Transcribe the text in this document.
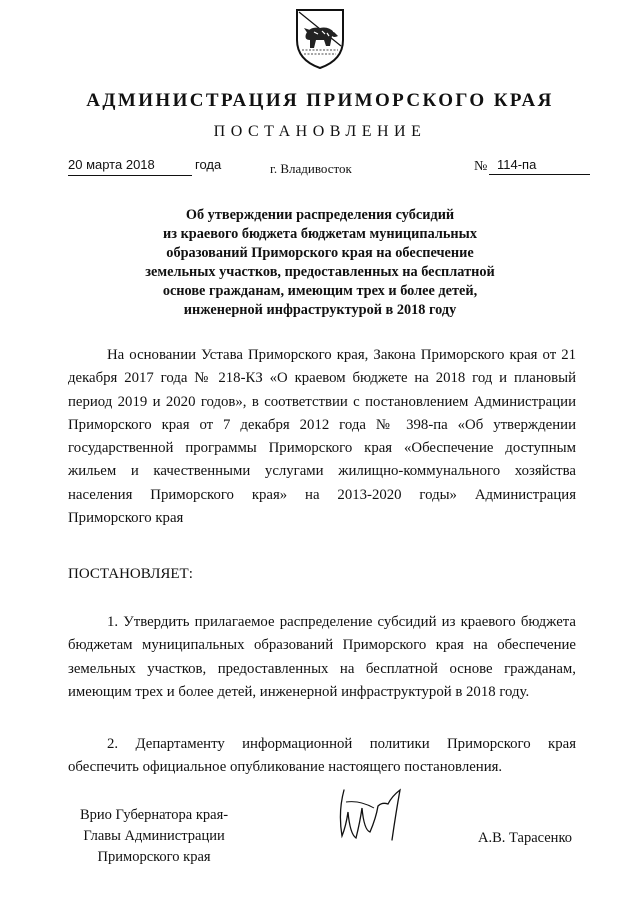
АДМИНИСТРАЦИЯ ПРИМОРСКОГО КРАЯ
ПОСТАНОВЛЕНИЕ
20 марта 2018	года	г. Владивосток	№ 114-па

Об утверждении распределения субсидий
из краевого бюджета бюджетам муниципальных
образований Приморского края на обеспечение
земельных участков, предоставленных на бесплатной
основе гражданам, имеющим трех и более детей,
инженерной инфраструктурой в 2018 году

На основании Устава Приморского края, Закона Приморского края от 21 декабря 2017 года № 218-КЗ «О краевом бюджете на 2018 год и плановый период 2019 и 2020 годов», в соответствии с постановлением Администрации Приморского края от 7 декабря 2012 года № 398-па «Об утверждении государственной программы Приморского края «Обеспечение доступным жильем и качественными услугами жилищно-коммунального хозяйства населения Приморского края» на 2013-2020 годы» Администрация Приморского края

ПОСТАНОВЛЯЕТ:

1. Утвердить прилагаемое распределение субсидий из краевого бюджета бюджетам муниципальных образований Приморского края на обеспечение земельных участков, предоставленных на бесплатной основе гражданам, имеющим трех и более детей, инженерной инфраструктурой в 2018 году.

2. Департаменту информационной политики Приморского края обеспечить официальное опубликование настоящего постановления.

Врио Губернатора края-
Главы Администрации
Приморского края

А.В. Тарасенко
